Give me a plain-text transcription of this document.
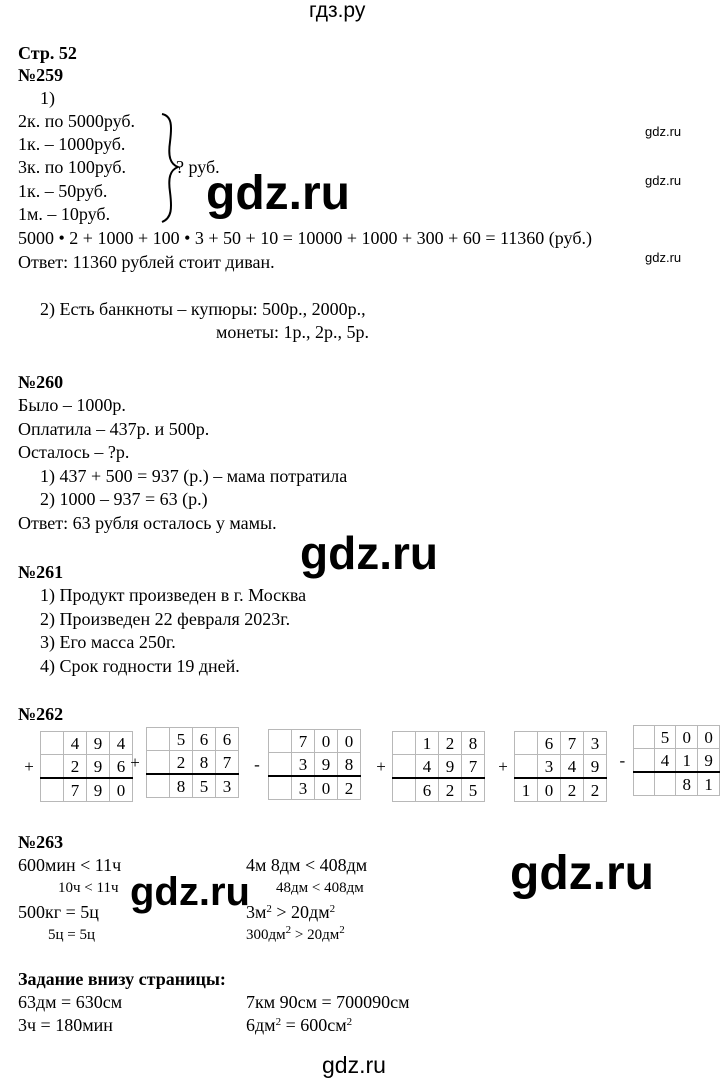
гдз.ру
Стр. 52
№259
1)
2к. по 5000руб.
1к. – 1000руб.
3к. по 100руб.
1к. – 50руб.
1м. – 10руб.
? руб.
5000 • 2 + 1000 + 100 • 3 + 50 + 10 = 10000 + 1000 + 300 + 60 = 11360 (руб.)
Ответ: 11360 рублей стоит диван.
2) Есть банкноты – купюры: 500р., 2000р.,
монеты: 1р., 2р., 5р.
gdz.ru
gdz.ru
gdz.ru
gdz.ru
№260
Было – 1000р.
Оплатила – 437р. и 500р.
Осталось – ?р.
1) 437 + 500 = 937 (р.) – мама потратила
2) 1000 – 937 = 63 (р.)
Ответ: 63 рубля осталось у мамы.
gdz.ru
№261
1) Продукт произведен в г. Москва
2) Произведен 22 февраля 2023г.
3) Его масса 250г.
4) Срок годности 19 дней.
№262
		4	9	4
+		2	9	6
		7	9	0
		5	6	6
+		2	8	7
		8	5	3
		7	0	0
-		3	9	8
		3	0	2
		1	2	8
+		4	9	7
		6	2	5
		6	7	3
+		3	4	9
	1	0	2	2
		5	0	0
-		4	1	9
			8	1
№263
600мин < 11ч
10ч < 11ч
500кг = 5ц
5ц = 5ц
4м 8дм < 408дм
48дм < 408дм
$3м^2 > 20дм^2$
$300дм^2 > 20дм^2$
gdz.ru	gdz.ru
Задание внизу страницы:
63дм = 630см
3ч = 180мин
7км 90см = 700090см
$6дм^2 = 600см^2$
gdz.ru
